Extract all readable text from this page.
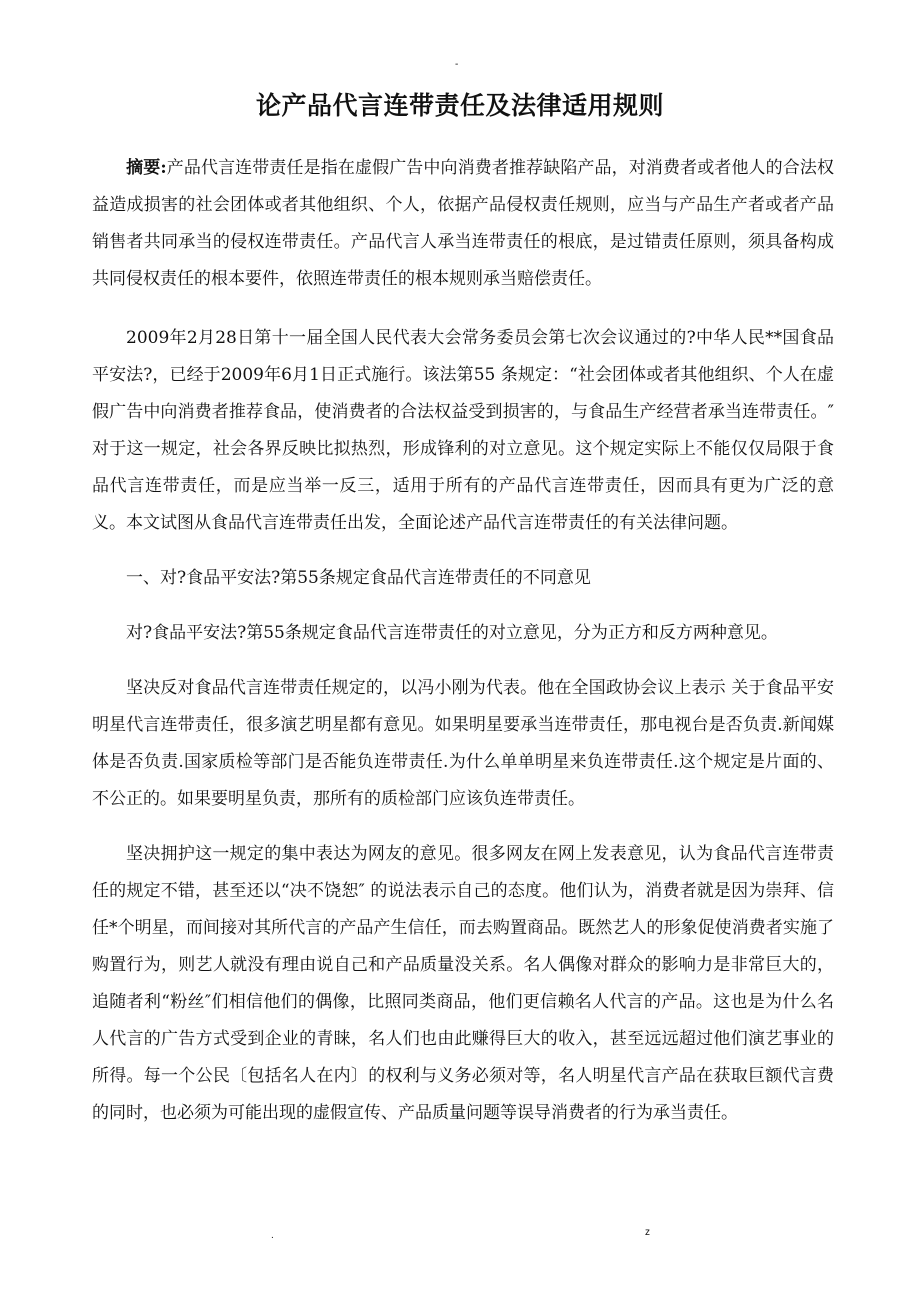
-
论产品代言连带责任及法律适用规则

摘要:产品代言连带责任是指在虚假广告中向消费者推荐缺陷产品，对消费者或者他人的合法权益造成损害的社会团体或者其他组织、个人，依据产品侵权责任规则，应当与产品生产者或者产品销售者共同承当的侵权连带责任。产品代言人承当连带责任的根底，是过错责任原则，须具备构成共同侵权责任的根本要件，依照连带责任的根本规则承当赔偿责任。

2009年2月28日第十一届全国人民代表大会常务委员会第七次会议通过的?中华人民**国食品平安法?，已经于2009年6月1日正式施行。该法第55 条规定：“社会团体或者其他组织、个人在虚假广告中向消费者推荐食品，使消费者的合法权益受到损害的，与食品生产经营者承当连带责任。″ 对于这一规定，社会各界反映比拟热烈，形成锋利的对立意见。这个规定实际上不能仅仅局限于食品代言连带责任，而是应当举一反三，适用于所有的产品代言连带责任，因而具有更为广泛的意义。本文试图从食品代言连带责任出发，全面论述产品代言连带责任的有关法律问题。

一、对?食品平安法?第55条规定食品代言连带责任的不同意见

对?食品平安法?第55条规定食品代言连带责任的对立意见，分为正方和反方两种意见。

坚决反对食品代言连带责任规定的，以冯小刚为代表。他在全国政协会议上表示 关于食品平安明星代言连带责任，很多演艺明星都有意见。如果明星要承当连带责任，那电视台是否负责.新闻媒体是否负责.国家质检等部门是否能负连带责任.为什么单单明星来负连带责任.这个规定是片面的、不公正的。如果要明星负责，那所有的质检部门应该负连带责任。

坚决拥护这一规定的集中表达为网友的意见。很多网友在网上发表意见，认为食品代言连带责任的规定不错，甚至还以“决不饶恕″ 的说法表示自己的态度。他们认为，消费者就是因为崇拜、信任*个明星，而间接对其所代言的产品产生信任，而去购置商品。既然艺人的形象促使消费者实施了购置行为，则艺人就没有理由说自己和产品质量没关系。名人偶像对群众的影响力是非常巨大的，追随者利“粉丝″们相信他们的偶像，比照同类商品，他们更信赖名人代言的产品。这也是为什么名人代言的广告方式受到企业的青睐，名人们也由此赚得巨大的收入，甚至远远超过他们演艺事业的所得。每一个公民〔包括名人在内〕的权利与义务必须对等，名人明星代言产品在获取巨额代言费的同时，也必须为可能出现的虚假宣传、产品质量问题等误导消费者的行为承当责任。

.	z
